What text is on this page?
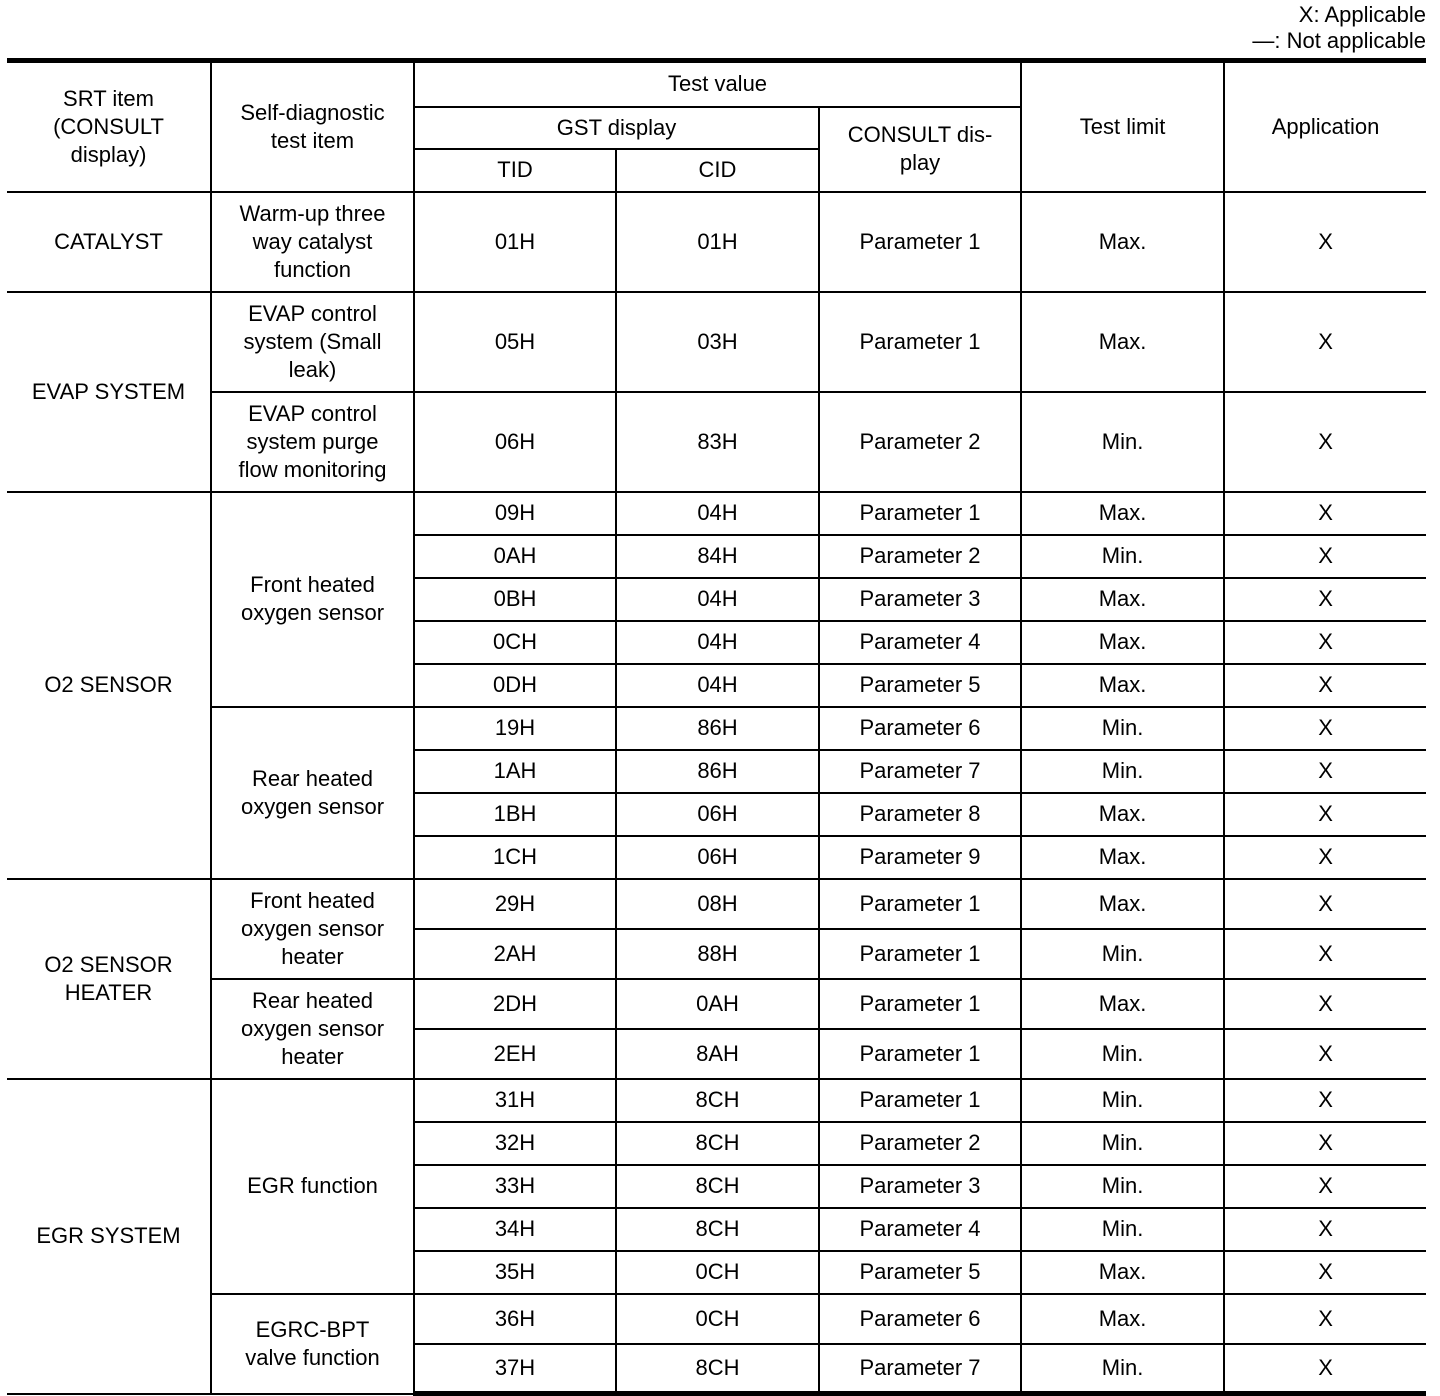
X: Applicable
—: Not applicable
SRT item (CONSULT display)	Self-diagnostic test item	Test value			Test limit	Application
		GST display		CONSULT dis-play		
		TID	CID			
CATALYST	Warm-up three way catalyst function	01H	01H	Parameter 1	Max.	X
EVAP SYSTEM	EVAP control system (Small leak)	05H	03H	Parameter 1	Max.	X
	EVAP control system purge flow monitoring	06H	83H	Parameter 2	Min.	X
O2 SENSOR	Front heated oxygen sensor	09H	04H	Parameter 1	Max.	X
		0AH	84H	Parameter 2	Min.	X
		0BH	04H	Parameter 3	Max.	X
		0CH	04H	Parameter 4	Max.	X
		0DH	04H	Parameter 5	Max.	X
	Rear heated oxygen sensor	19H	86H	Parameter 6	Min.	X
		1AH	86H	Parameter 7	Min.	X
		1BH	06H	Parameter 8	Max.	X
		1CH	06H	Parameter 9	Max.	X
O2 SENSOR HEATER	Front heated oxygen sensor heater	29H	08H	Parameter 1	Max.	X
		2AH	88H	Parameter 1	Min.	X
	Rear heated oxygen sensor heater	2DH	0AH	Parameter 1	Max.	X
		2EH	8AH	Parameter 1	Min.	X
EGR SYSTEM	EGR function	31H	8CH	Parameter 1	Min.	X
		32H	8CH	Parameter 2	Min.	X
		33H	8CH	Parameter 3	Min.	X
		34H	8CH	Parameter 4	Min.	X
		35H	0CH	Parameter 5	Max.	X
	EGRC-BPT valve function	36H	0CH	Parameter 6	Max.	X
		37H	8CH	Parameter 7	Min.	X
